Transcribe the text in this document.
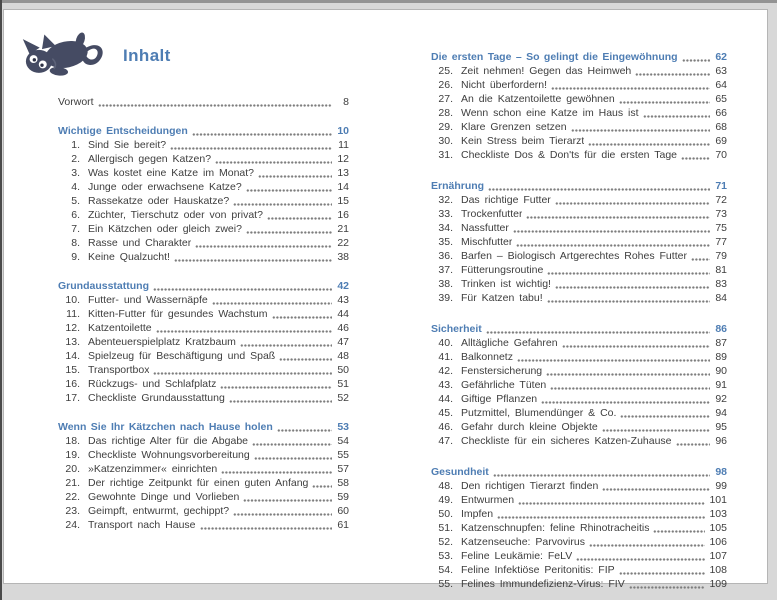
Inhalt
Vorwort	8
Wichtige Entscheidungen	10
1. Sind Sie bereit?	11
2. Allergisch gegen Katzen?	12
3. Was kostet eine Katze im Monat?	13
4. Junge oder erwachsene Katze?	14
5. Rassekatze oder Hauskatze?	15
6. Züchter, Tierschutz oder von privat?	16
7. Ein Kätzchen oder gleich zwei?	21
8. Rasse und Charakter	22
9. Keine Qualzucht!	38
Grundausstattung	42
10. Futter- und Wassernäpfe	43
11. Kitten-Futter für gesundes Wachstum	44
12. Katzentoilette	46
13. Abenteuerspielplatz Kratzbaum	47
14. Spielzeug für Beschäftigung und Spaß	48
15. Transportbox	50
16. Rückzugs- und Schlafplatz	51
17. Checkliste Grundausstattung	52
Wenn Sie Ihr Kätzchen nach Hause holen	53
18. Das richtige Alter für die Abgabe	54
19. Checkliste Wohnungsvorbereitung	55
20. »Katzenzimmer« einrichten	57
21. Der richtige Zeitpunkt für einen guten Anfang	58
22. Gewohnte Dinge und Vorlieben	59
23. Geimpft, entwurmt, gechippt?	60
24. Transport nach Hause	61
Die ersten Tage – So gelingt die Eingewöhnung	62
25. Zeit nehmen! Gegen das Heimweh	63
26. Nicht überfordern!	64
27. An die Katzentoilette gewöhnen	65
28. Wenn schon eine Katze im Haus ist	66
29. Klare Grenzen setzen	68
30. Kein Stress beim Tierarzt	69
31. Checkliste Dos & Don'ts für die ersten Tage	70
Ernährung	71
32. Das richtige Futter	72
33. Trockenfutter	73
34. Nassfutter	75
35. Mischfutter	77
36. Barfen – Biologisch Artgerechtes Rohes Futter	79
37. Fütterungsroutine	81
38. Trinken ist wichtig!	83
39. Für Katzen tabu!	84
Sicherheit	86
40. Alltägliche Gefahren	87
41. Balkonnetz	89
42. Fenstersicherung	90
43. Gefährliche Tüten	91
44. Giftige Pflanzen	92
45. Putzmittel, Blumendünger & Co.	94
46. Gefahr durch kleine Objekte	95
47. Checkliste für ein sicheres Katzen-Zuhause	96
Gesundheit	98
48. Den richtigen Tierarzt finden	99
49. Entwurmen	101
50. Impfen	103
51. Katzenschnupfen: feline Rhinotracheitis	105
52. Katzenseuche: Parvovirus	106
53. Feline Leukämie: FeLV	107
54. Feline Infektiöse Peritonitis: FIP	108
55. Felines Immundefizienz-Virus: FIV	109
